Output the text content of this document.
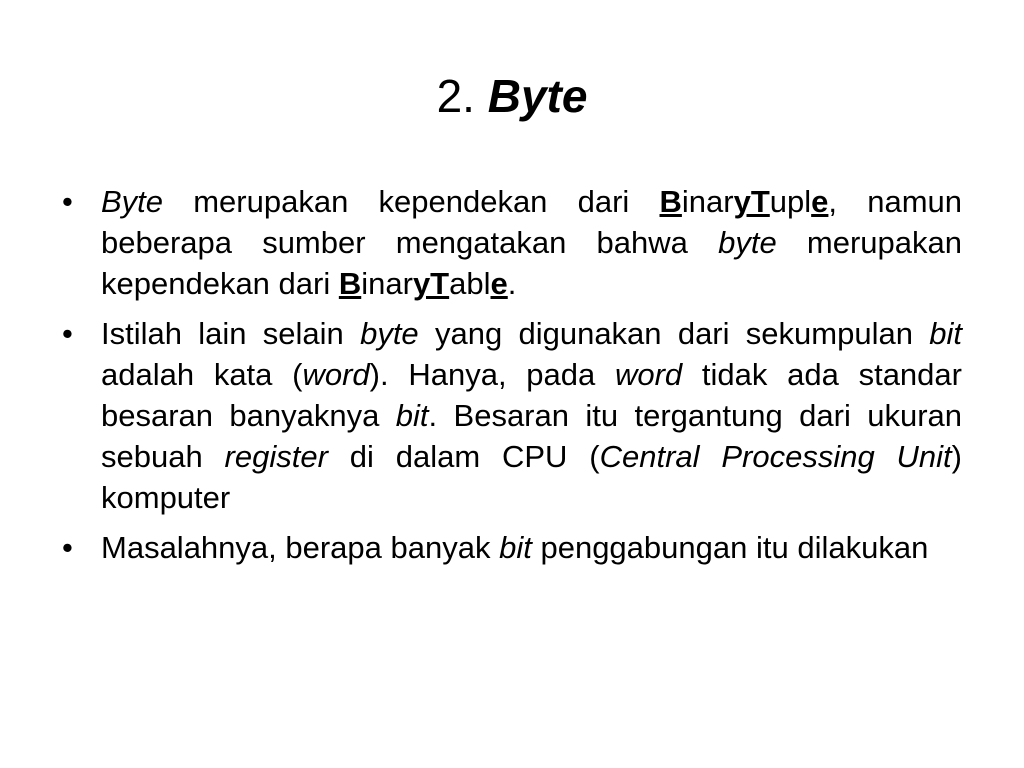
2. Byte
• Byte merupakan kependekan dari BinaryTuple, namun beberapa sumber mengatakan bahwa byte merupakan kependekan dari BinaryTable.
• Istilah lain selain byte yang digunakan dari sekumpulan bit adalah kata (word). Hanya, pada word tidak ada standar besaran banyaknya bit. Besaran itu tergantung dari ukuran sebuah register di dalam CPU (Central Processing Unit) komputer
• Masalahnya, berapa banyak bit penggabungan itu dilakukan
